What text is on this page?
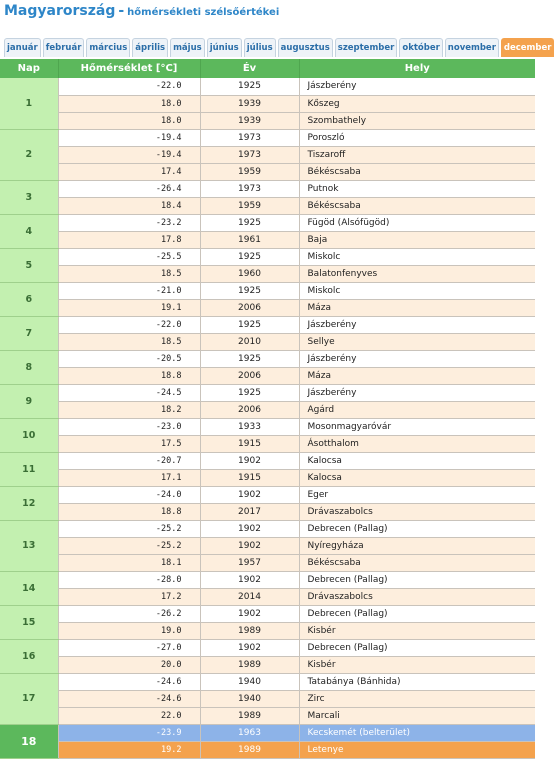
Magyarország - hőmérsékleti szélsőértékei
január február március április május június július augusztus szeptember október november december
Nap	Hőmérséklet [°C]	Év	Hely
1	-22.0	1925	Jászberény
	18.0	1939	Kőszeg
	18.0	1939	Szombathely
2	-19.4	1973	Poroszló
	-19.4	1973	Tiszaroff
	17.4	1959	Békéscsaba
3	-26.4	1973	Putnok
	18.4	1959	Békéscsaba
4	-23.2	1925	Fügöd (Alsófügöd)
	17.8	1961	Baja
5	-25.5	1925	Miskolc
	18.5	1960	Balatonfenyves
6	-21.0	1925	Miskolc
	19.1	2006	Máza
7	-22.0	1925	Jászberény
	18.5	2010	Sellye
8	-20.5	1925	Jászberény
	18.8	2006	Máza
9	-24.5	1925	Jászberény
	18.2	2006	Agárd
10	-23.0	1933	Mosonmagyaróvár
	17.5	1915	Ásotthalom
11	-20.7	1902	Kalocsa
	17.1	1915	Kalocsa
12	-24.0	1902	Eger
	18.8	2017	Drávaszabolcs
13	-25.2	1902	Debrecen (Pallag)
	-25.2	1902	Nyíregyháza
	18.1	1957	Békéscsaba
14	-28.0	1902	Debrecen (Pallag)
	17.2	2014	Drávaszabolcs
15	-26.2	1902	Debrecen (Pallag)
	19.0	1989	Kisbér
16	-27.0	1902	Debrecen (Pallag)
	20.0	1989	Kisbér
17	-24.6	1940	Tatabánya (Bánhida)
	-24.6	1940	Zirc
	22.0	1989	Marcali
18	-23.9	1963	Kecskemét (belterület)
	19.2	1989	Letenye
